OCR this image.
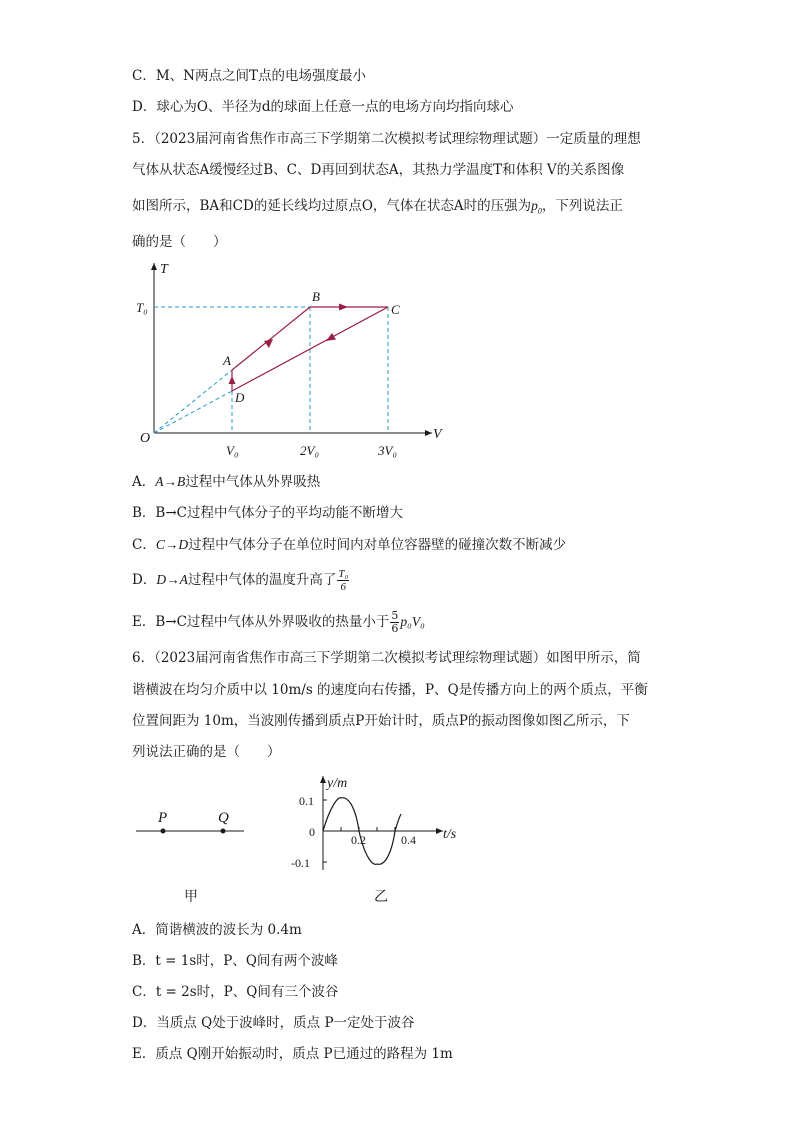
C．M、N两点之间T点的电场强度最小
D．球心为O、半径为d的球面上任意一点的电场方向均指向球心
5．（2023届河南省焦作市高三下学期第二次模拟考试理综物理试题）一定质量的理想
气体从状态A缓慢经过B、C、D再回到状态A，其热力学温度T和体积 V的关系图像
如图所示，BA和CD的延长线均过原点O，气体在状态A时的压强为$p_0$，下列说法正
确的是（　　）
T
V
O
T₀
V₀	2V₀	3V₀
A
B
C
D
A．A→B过程中气体从外界吸热
B．B→C过程中气体分子的平均动能不断增大
C．C→D过程中气体分子在单位时间内对单位容器壁的碰撞次数不断减少
D．D→A过程中气体的温度升高了 $\frac{\text{T₀}}{6}$
E．B→C过程中气体从外界吸收的热量小于 $\frac{5}{6} p_0V_0$
6．（2023届河南省焦作市高三下学期第二次模拟考试理综物理试题）如图甲所示，简
谐横波在均匀介质中以 10m/s 的速度向右传播，P、Q是传播方向上的两个质点，平衡
位置间距为 10m，当波刚传播到质点P开始计时，质点P的振动图像如图乙所示，下
列说法正确的是（　　）
P	Q
甲
y/m
t/s
0.1
0
-0.1
0.2	0.4
乙
A．简谐横波的波长为 0.4m
B．t = 1s时，P、Q间有两个波峰
C．t = 2s时，P、Q间有三个波谷
D．当质点 Q处于波峰时，质点 P一定处于波谷
E．质点 Q刚开始振动时，质点 P已通过的路程为 1m
